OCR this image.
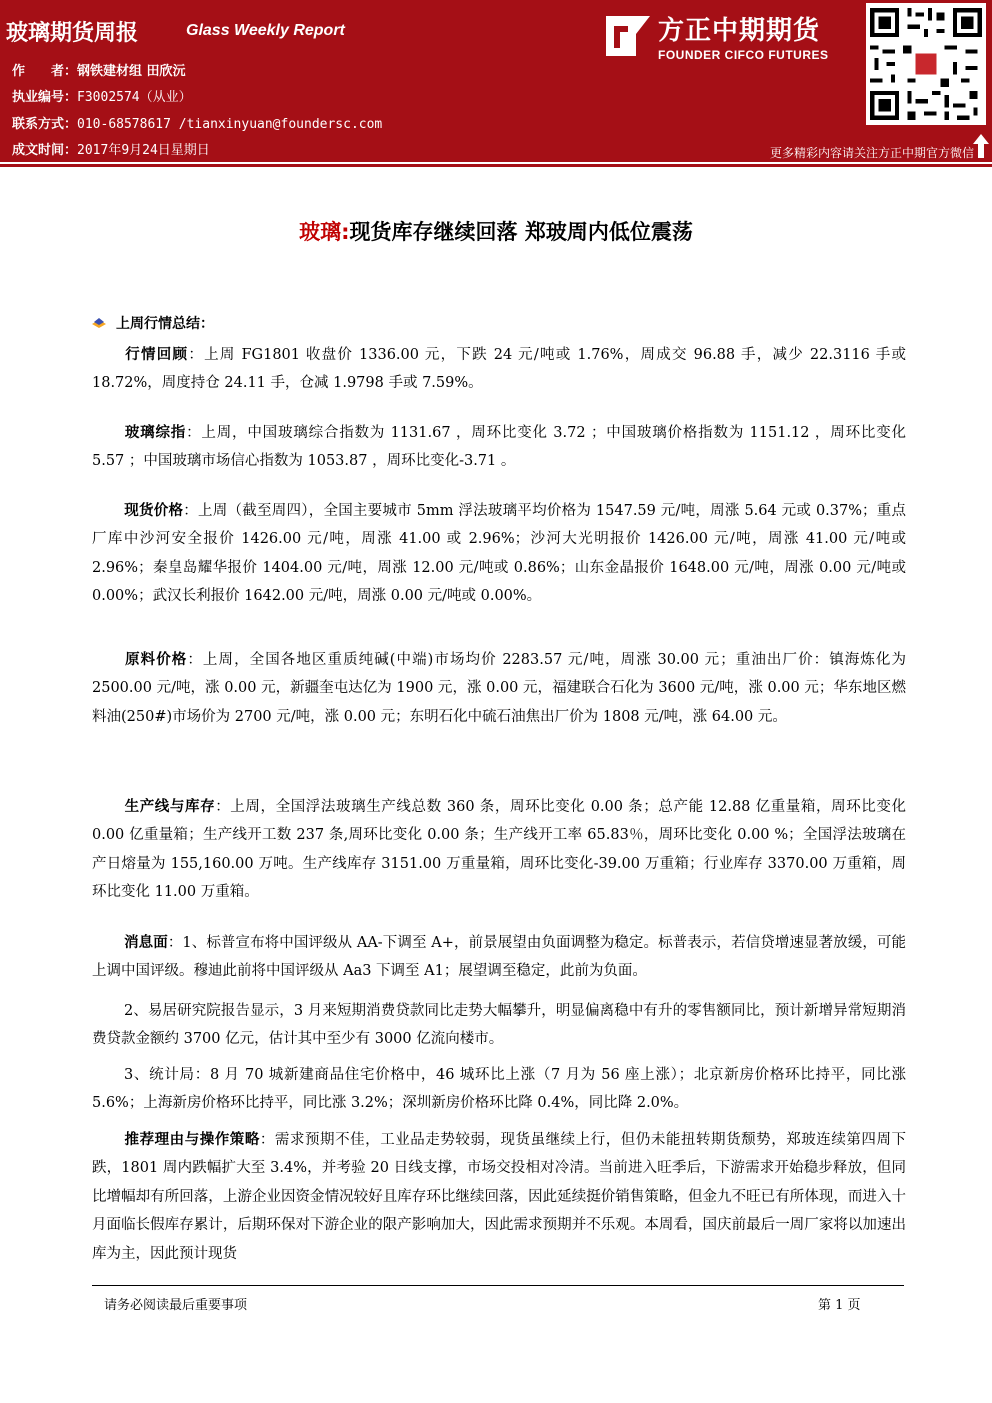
玻璃期货周报	Glass Weekly Report
作　　者：钢铁建材组 田欣沅
执业编号：F3002574（从业）
联系方式：010-68578617 /tianxinyuan@foundersc.com
成文时间：2017年9月24日星期日
方正中期期货
FOUNDER CIFCO FUTURES
更多精彩内容请关注方正中期官方微信
玻璃:现货库存继续回落 郑玻周内低位震荡
上周行情总结：
行情回顾：上周 FG1801 收盘价 1336.00 元，下跌 24 元/吨或 1.76%，周成交 96.88 手，减少 22.3116 手或 18.72%，周度持仓 24.11 手，仓减 1.9798 手或 7.59%。
玻璃综指：上周，中国玻璃综合指数为 1131.67 ，周环比变化 3.72 ；中国玻璃价格指数为 1151.12 ，周环比变化 5.57 ；中国玻璃市场信心指数为 1053.87 ，周环比变化-3.71 。
现货价格：上周（截至周四），全国主要城市 5mm 浮法玻璃平均价格为 1547.59 元/吨，周涨 5.64 元或 0.37%；重点厂库中沙河安全报价 1426.00 元/吨，周涨 41.00 或 2.96%；沙河大光明报价 1426.00 元/吨，周涨 41.00 元/吨或 2.96%；秦皇岛耀华报价 1404.00 元/吨，周涨 12.00 元/吨或 0.86%；山东金晶报价 1648.00 元/吨，周涨 0.00 元/吨或 0.00%；武汉长利报价 1642.00 元/吨，周涨 0.00 元/吨或 0.00%。
原料价格：上周，全国各地区重质纯碱(中端)市场均价 2283.57 元/吨，周涨 30.00 元；重油出厂价：镇海炼化为 2500.00 元/吨，涨 0.00 元，新疆奎屯达亿为 1900 元，涨 0.00 元，福建联合石化为 3600 元/吨，涨 0.00 元；华东地区燃料油(250#)市场价为 2700 元/吨，涨 0.00 元；东明石化中硫石油焦出厂价为 1808 元/吨，涨 64.00 元。
生产线与库存：上周，全国浮法玻璃生产线总数 360 条，周环比变化 0.00 条；总产能 12.88 亿重量箱，周环比变化 0.00 亿重量箱；生产线开工数 237 条,周环比变化 0.00 条；生产线开工率 65.83％，周环比变化 0.00 %；全国浮法玻璃在产日熔量为 155,160.00 万吨。生产线库存 3151.00 万重量箱，周环比变化-39.00 万重箱；行业库存 3370.00 万重箱，周环比变化 11.00 万重箱。
消息面：1、标普宣布将中国评级从 AA-下调至 A+，前景展望由负面调整为稳定。标普表示，若信贷增速显著放缓，可能上调中国评级。穆迪此前将中国评级从 Aa3 下调至 A1；展望调至稳定，此前为负面。
2、易居研究院报告显示，3 月来短期消费贷款同比走势大幅攀升，明显偏离稳中有升的零售额同比，预计新增异常短期消费贷款金额约 3700 亿元，估计其中至少有 3000 亿流向楼市。
3、统计局：8 月 70 城新建商品住宅价格中，46 城环比上涨（7 月为 56 座上涨）；北京新房价格环比持平，同比涨 5.6%；上海新房价格环比持平，同比涨 3.2%；深圳新房价格环比降 0.4%，同比降 2.0%。
推荐理由与操作策略：需求预期不佳，工业品走势较弱，现货虽继续上行，但仍未能扭转期货颓势，郑玻连续第四周下跌，1801 周内跌幅扩大至 3.4%，并考验 20 日线支撑，市场交投相对冷清。当前进入旺季后，下游需求开始稳步释放，但同比增幅却有所回落，上游企业因资金情况较好且库存环比继续回落，因此延续挺价销售策略，但金九不旺已有所体现，而进入十月面临长假库存累计，后期环保对下游企业的限产影响加大，因此需求预期并不乐观。本周看，国庆前最后一周厂家将以加速出库为主，因此预计现货
请务必阅读最后重要事项	第 1 页
